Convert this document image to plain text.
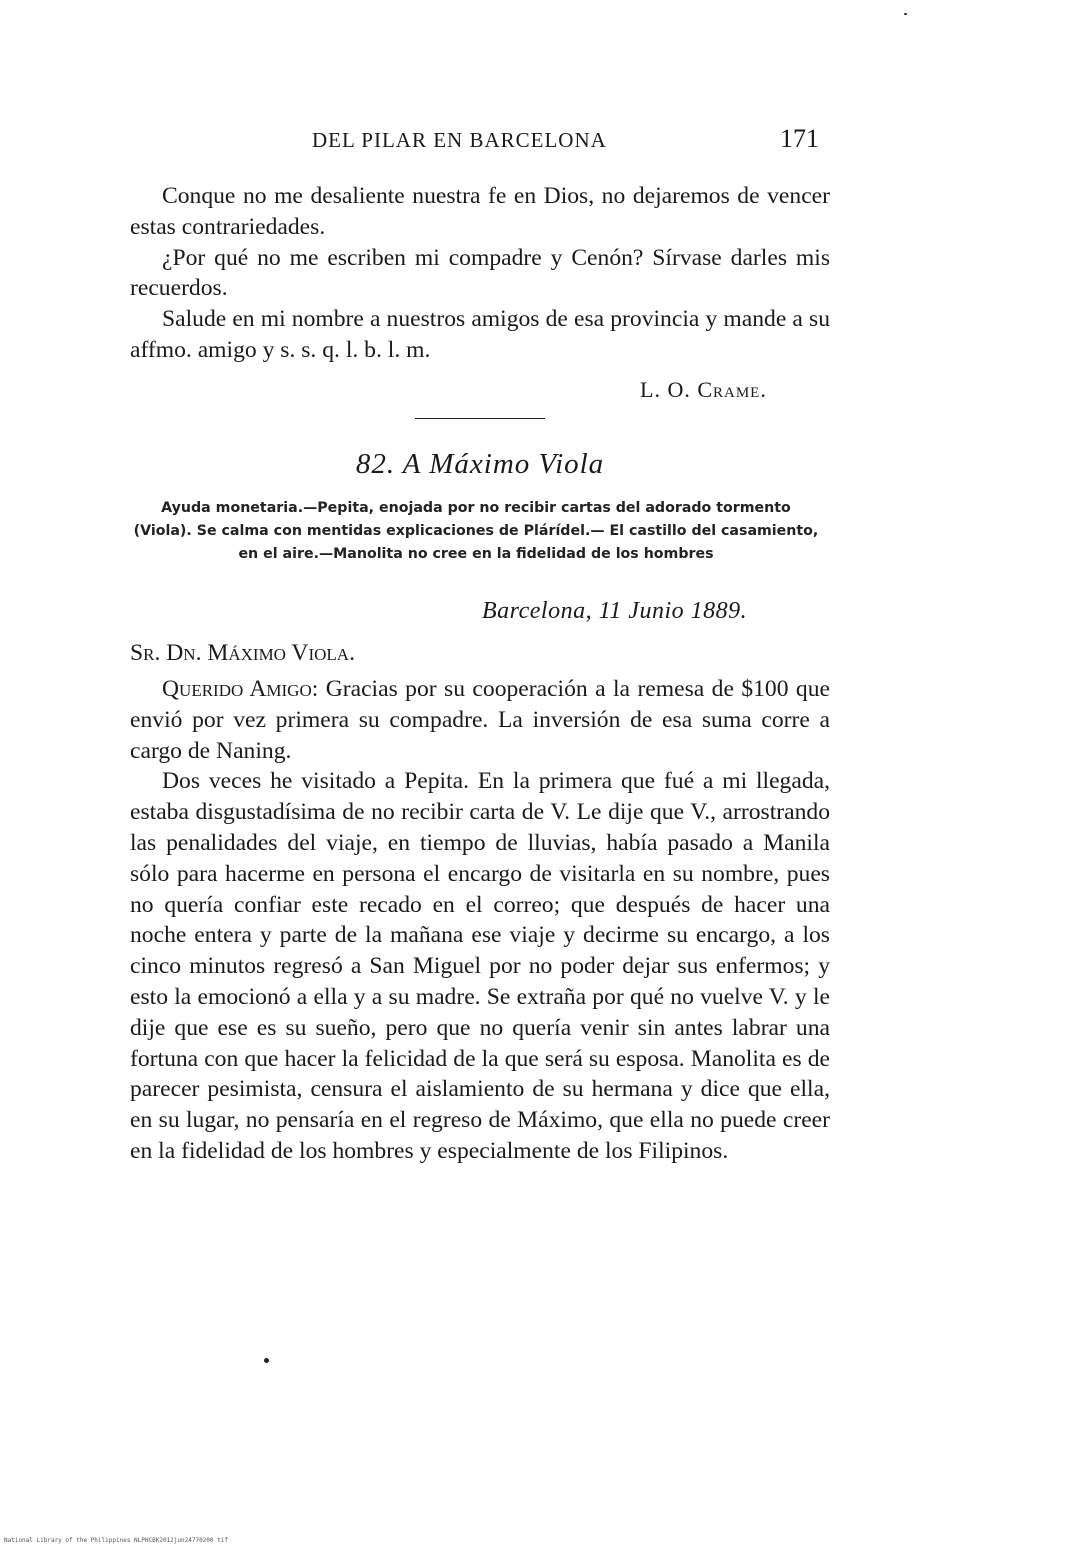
DEL PILAR EN BARCELONA	171

Conque no me desaliente nuestra fe en Dios, no dejaremos de vencer estas contrariedades.

¿Por qué no me escriben mi compadre y Cenón? Sírvase darles mis recuerdos.

Salude en mi nombre a nuestros amigos de esa provincia y mande a su affmo. amigo y s. s. q. l. b. l. m.

L. O. Crame.
82. A Máximo Viola
Ayuda monetaria.—Pepita, enojada por no recibir cartas del adorado tormento (Viola). Se calma con mentidas explicaciones de Plárídel.— El castillo del casamiento, en el aire.—Manolita no cree en la fidelidad de los hombres
Barcelona, 11 Junio 1889.
Sr. Dn. Máximo Viola.

Querido Amigo: Gracias por su cooperación a la remesa de $100 que envió por vez primera su compadre. La inversión de esa suma corre a cargo de Naning.

Dos veces he visitado a Pepita. En la primera que fué a mi llegada, estaba disgustadísima de no recibir carta de V. Le dije que V., arrostrando las penalidades del viaje, en tiempo de lluvias, había pasado a Manila sólo para hacerme en persona el encargo de visitarla en su nombre, pues no quería confiar este recado en el correo; que después de hacer una noche entera y parte de la mañana ese viaje y decirme su encargo, a los cinco minutos regresó a San Miguel por no poder dejar sus enfermos; y esto la emocionó a ella y a su madre. Se extraña por qué no vuelve V. y le dije que ese es su sueño, pero que no quería venir sin antes labrar una fortuna con que hacer la felicidad de la que será su esposa. Manolita es de parecer pesimista, censura el aislamiento de su hermana y dice que ella, en su lugar, no pensaría en el regreso de Máximo, que ella no puede creer en la fidelidad de los hombres y especialmente de los Filipinos.

National Library of the Philippines NLPHCBK2012jun24770200 tif
